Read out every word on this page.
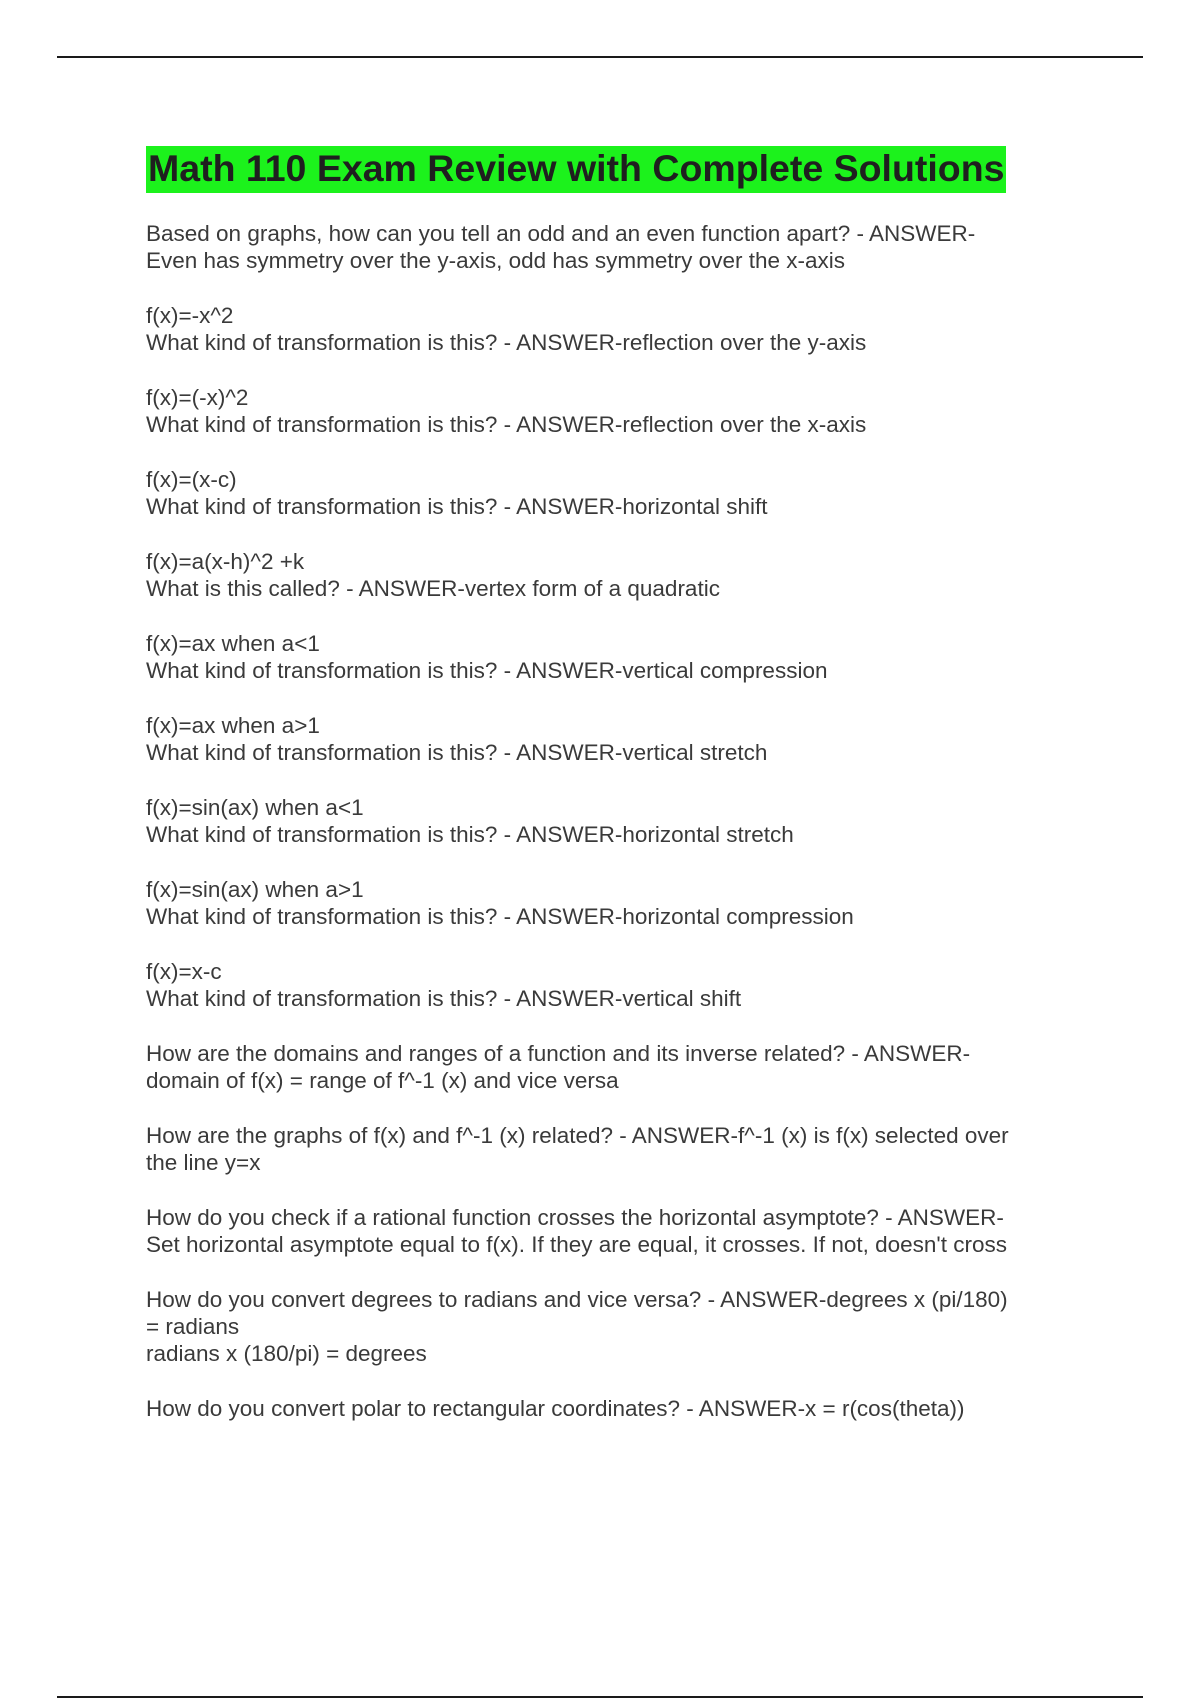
Math 110 Exam Review with Complete Solutions
Based on graphs, how can you tell an odd and an even function apart? - ANSWER-
Even has symmetry over the y-axis, odd has symmetry over the x-axis
f(x)=-x^2
What kind of transformation is this? - ANSWER-reflection over the y-axis
f(x)=(-x)^2
What kind of transformation is this? - ANSWER-reflection over the x-axis
f(x)=(x-c)
What kind of transformation is this? - ANSWER-horizontal shift
f(x)=a(x-h)^2 +k
What is this called? - ANSWER-vertex form of a quadratic
f(x)=ax when a<1
What kind of transformation is this? - ANSWER-vertical compression
f(x)=ax when a>1
What kind of transformation is this? - ANSWER-vertical stretch
f(x)=sin(ax) when a<1
What kind of transformation is this? - ANSWER-horizontal stretch
f(x)=sin(ax) when a>1
What kind of transformation is this? - ANSWER-horizontal compression
f(x)=x-c
What kind of transformation is this? - ANSWER-vertical shift
How are the domains and ranges of a function and its inverse related? - ANSWER-
domain of f(x) = range of f^-1 (x) and vice versa
How are the graphs of f(x) and f^-1 (x) related? - ANSWER-f^-1 (x) is f(x) selected over
the line y=x
How do you check if a rational function crosses the horizontal asymptote? - ANSWER-
Set horizontal asymptote equal to f(x). If they are equal, it crosses. If not, doesn't cross
How do you convert degrees to radians and vice versa? - ANSWER-degrees x (pi/180)
= radians
radians x (180/pi) = degrees
How do you convert polar to rectangular coordinates? - ANSWER-x = r(cos(theta))
